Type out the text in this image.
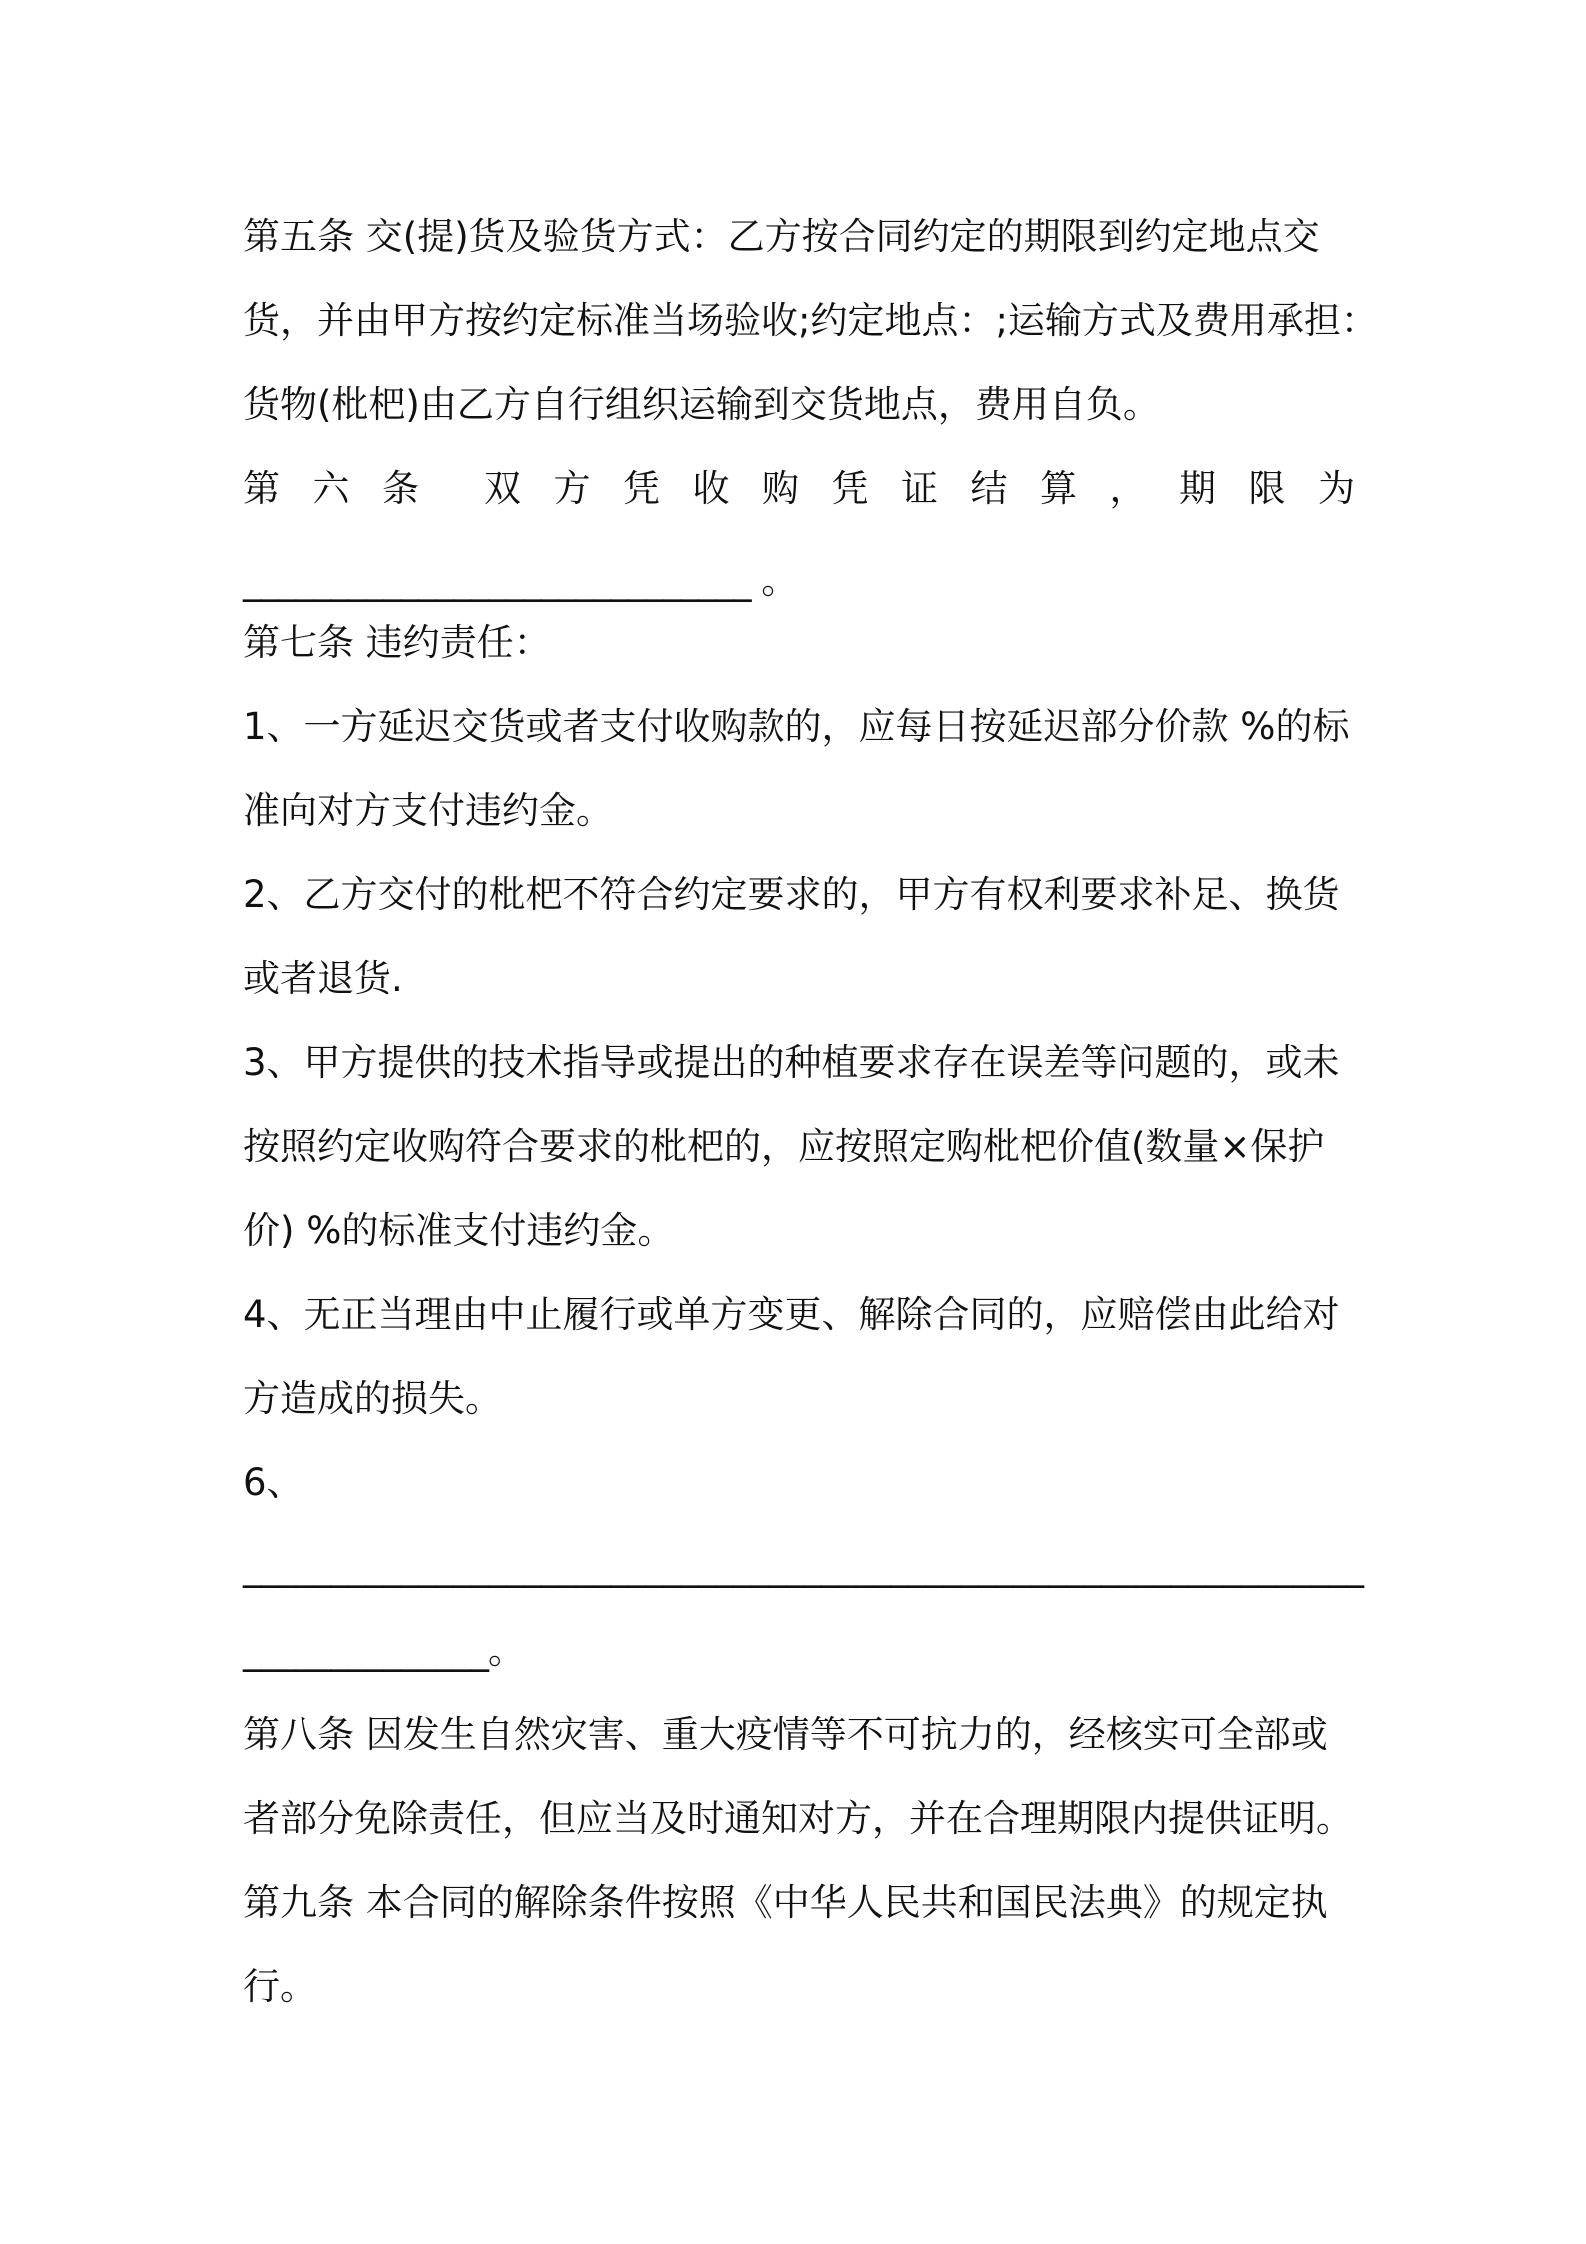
第五条 交(提)货及验货方式：乙方按合同约定的期限到约定地点交
货，并由甲方按约定标准当场验收;约定地点：;运输方式及费用承担：
货物(枇杷)由乙方自行组织运输到交货地点，费用自负。
第 六 条 双 方 凭 收 购 凭 证 结 算 ， 期 限 为
_____________________________ 。
第七条 违约责任：
1、一方延迟交货或者支付收购款的，应每日按延迟部分价款 %的标
准向对方支付违约金。
2、乙方交付的枇杷不符合约定要求的，甲方有权利要求补足、换货
或者退货.
3、甲方提供的技术指导或提出的种植要求存在误差等问题的，或未
按照约定收购符合要求的枇杷的，应按照定购枇杷价值(数量×保护
价) %的标准支付违约金。
4、无正当理由中止履行或单方变更、解除合同的，应赔偿由此给对
方造成的损失。
6、
________________________________________________________________
______________。
第八条 因发生自然灾害、重大疫情等不可抗力的，经核实可全部或
者部分免除责任，但应当及时通知对方，并在合理期限内提供证明。
第九条 本合同的解除条件按照《中华人民共和国民法典》的规定执
行。
